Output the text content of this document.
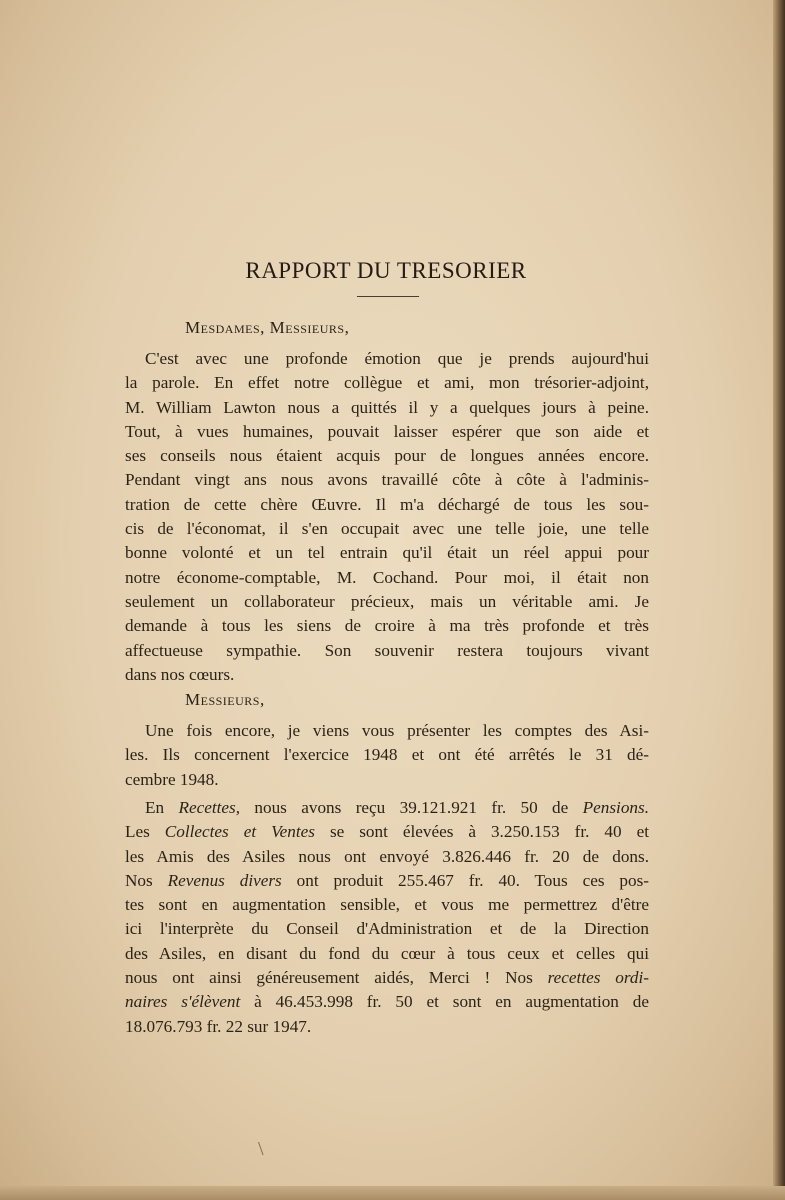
RAPPORT DU TRESORIER
Mesdames, Messieurs,
C'est avec une profonde émotion que je prends aujourd'hui
la parole. En effet notre collègue et ami, mon trésorier-adjoint,
M. William Lawton nous a quittés il y a quelques jours à peine.
Tout, à vues humaines, pouvait laisser espérer que son aide et
ses conseils nous étaient acquis pour de longues années encore.
Pendant vingt ans nous avons travaillé côte à côte à l'adminis-
tration de cette chère Œuvre. Il m'a déchargé de tous les sou-
cis de l'économat, il s'en occupait avec une telle joie, une telle
bonne volonté et un tel entrain qu'il était un réel appui pour
notre économe-comptable, M. Cochand. Pour moi, il était non
seulement un collaborateur précieux, mais un véritable ami. Je
demande à tous les siens de croire à ma très profonde et très
affectueuse sympathie. Son souvenir restera toujours vivant
dans nos cœurs.
Messieurs,
Une fois encore, je viens vous présenter les comptes des Asi-
les. Ils concernent l'exercice 1948 et ont été arrêtés le 31 dé-
cembre 1948.
En Recettes, nous avons reçu 39.121.921 fr. 50 de Pensions.
Les Collectes et Ventes se sont élevées à 3.250.153 fr. 40 et
les Amis des Asiles nous ont envoyé 3.826.446 fr. 20 de dons.
Nos Revenus divers ont produit 255.467 fr. 40. Tous ces pos-
tes sont en augmentation sensible, et vous me permettrez d'être
ici l'interprète du Conseil d'Administration et de la Direction
des Asiles, en disant du fond du cœur à tous ceux et celles qui
nous ont ainsi généreusement aidés, Merci ! Nos recettes ordi-
naires s'élèvent à 46.453.998 fr. 50 et sont en augmentation de
18.076.793 fr. 22 sur 1947.
\
